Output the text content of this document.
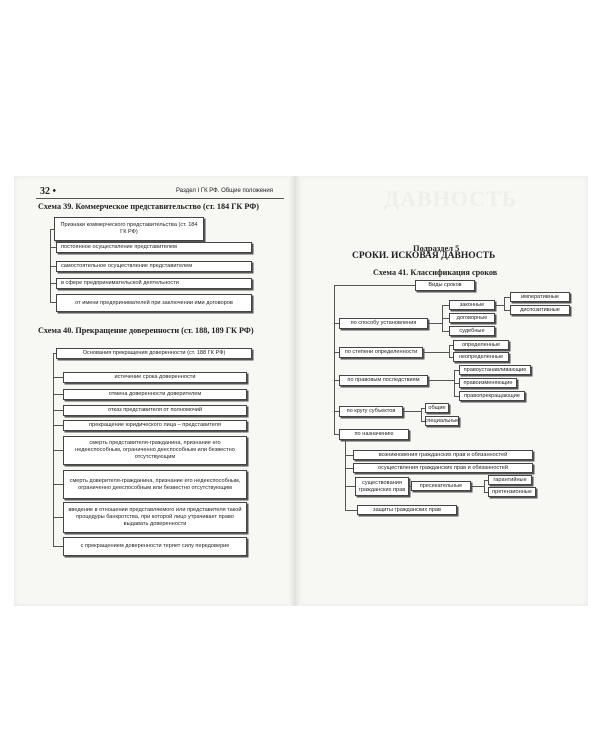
ДАВНОСТЬ
32 •	Раздел I ГК РФ. Общие положения
Схема 39. Коммерческое представительство (ст. 184 ГК РФ)
Признаки коммерческого представительства (ст. 184 ГК РФ)
постоянное осуществление представителем
самостоятельное осуществление представителем
в сфере предпринимательской деятельности
от имени предпринимателей при заключении ими договоров
Схема 40. Прекращение доверенности (ст. 188, 189 ГК РФ)
Основания прекращения доверенности (ст. 188 ГК РФ)
истечение срока доверенности
отмена доверенности доверителем
отказ представителя от полномочий
прекращение юридического лица – представителя
смерть представителя-гражданина, признание его недееспособным, ограниченно дееспособным или безвестно отсутствующим
смерть доверителя-гражданина, признание его недееспособным, ограниченно дееспособным или безвестно отсутствующим
введение в отношении представляемого или представителя такой процедуры банкротства, при которой лицо утрачивает право выдавать доверенности
с прекращением доверенности теряет силу передоверие
Подраздел 5
СРОКИ. ИСКОВАЯ ДАВНОСТЬ
Схема 41. Классификация сроков
Виды сроков
по способу установления
законные
договорные
судебные
императивные
диспозитивные
по степени определенности
определенные
неопределенные
по правовым последствиям
правоустанавливающие
правоизменяющие
правопрекращающие
по кругу субъектов
общие
специальные
по назначению
возникновения гражданских прав и обязанностей
осуществления гражданских прав и обязанностей
существования гражданских прав
защиты гражданских прав
пресекательные
гарантийные
претензионные
